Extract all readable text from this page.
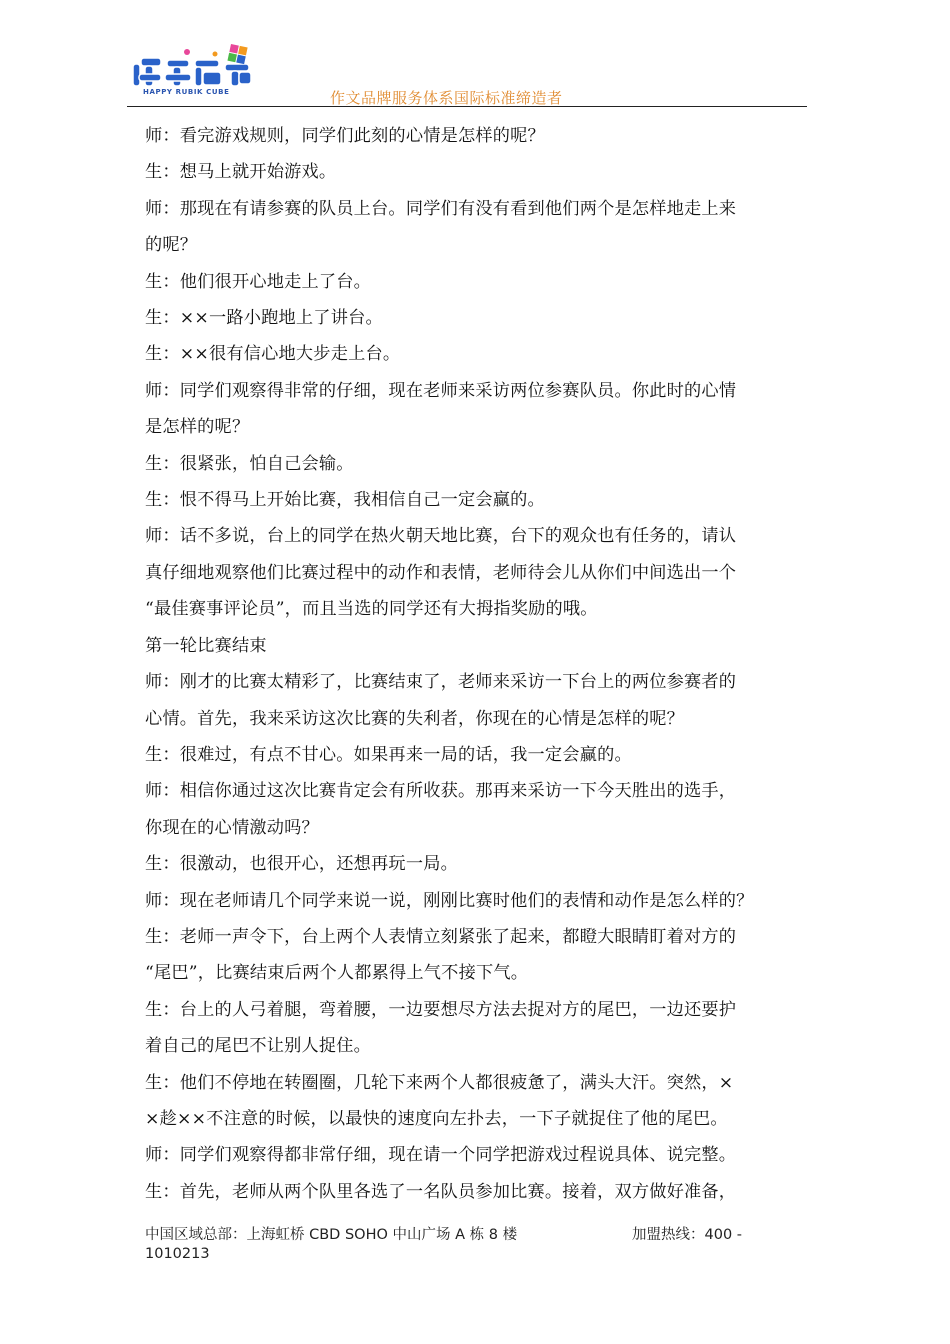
HAPPY RUBIK CUBE	作文品牌服务体系国际标准缔造者
师：看完游戏规则，同学们此刻的心情是怎样的呢？
生：想马上就开始游戏。
师：那现在有请参赛的队员上台。同学们有没有看到他们两个是怎样地走上来
的呢？
生：他们很开心地走上了台。
生：××一路小跑地上了讲台。
生：××很有信心地大步走上台。
师：同学们观察得非常的仔细，现在老师来采访两位参赛队员。你此时的心情
是怎样的呢？
生：很紧张，怕自己会输。
生：恨不得马上开始比赛，我相信自己一定会赢的。
师：话不多说，台上的同学在热火朝天地比赛，台下的观众也有任务的，请认
真仔细地观察他们比赛过程中的动作和表情，老师待会儿从你们中间选出一个
“最佳赛事评论员”，而且当选的同学还有大拇指奖励的哦。
第一轮比赛结束
师：刚才的比赛太精彩了，比赛结束了，老师来采访一下台上的两位参赛者的
心情。首先，我来采访这次比赛的失利者，你现在的心情是怎样的呢？
生：很难过，有点不甘心。如果再来一局的话，我一定会赢的。
师：相信你通过这次比赛肯定会有所收获。那再来采访一下今天胜出的选手，
你现在的心情激动吗？
生：很激动，也很开心，还想再玩一局。
师：现在老师请几个同学来说一说，刚刚比赛时他们的表情和动作是怎么样的？
生：老师一声令下，台上两个人表情立刻紧张了起来，都瞪大眼睛盯着对方的
“尾巴”，比赛结束后两个人都累得上气不接下气。
生：台上的人弓着腿，弯着腰，一边要想尽方法去捉对方的尾巴，一边还要护
着自己的尾巴不让别人捉住。
生：他们不停地在转圈圈，几轮下来两个人都很疲惫了，满头大汗。突然，×
×趁××不注意的时候，以最快的速度向左扑去，一下子就捉住了他的尾巴。
师：同学们观察得都非常仔细，现在请一个同学把游戏过程说具体、说完整。
生：首先，老师从两个队里各选了一名队员参加比赛。接着，双方做好准备，
中国区域总部：上海虹桥 CBD SOHO 中山广场 A 栋 8 楼	加盟热线：400 -
1010213
